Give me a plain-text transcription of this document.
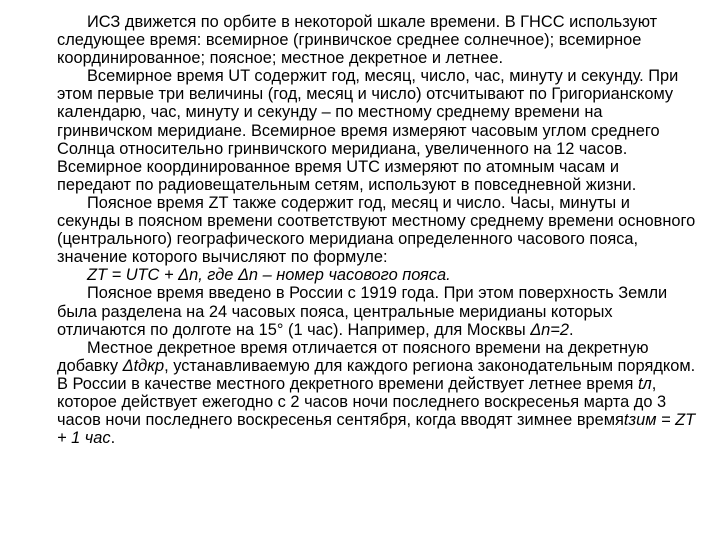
ИСЗ движется по орбите в некоторой шкале времени. В ГНСС используют следующее время: всемирное (гринвичское среднее солнечное); всемирное координированное; поясное; местное декретное и летнее.

Всемирное время UT содержит год, месяц, число, час, минуту и секунду. При этом первые три величины (год, месяц и число) отсчитывают по Григорианскому календарю, час, минуту и секунду – по местному среднему времени на гринвичском меридиане. Всемирное время измеряют часовым углом среднего Солнца относительно гринвичского меридиана, увеличенного на 12 часов. Всемирное координированное время UTC измеряют по атомным часам и передают по радиовещательным сетям, используют в повседневной жизни.

Поясное время ZT также содержит год, месяц и число. Часы, минуты и секунды в поясном времени соответствуют местному среднему времени основного (центрального) географического меридиана определенного часового пояса, значение которого вычисляют по формуле:

ZT = UTC + Δn, где Δn – номер часового пояса.

Поясное время введено в России с 1919 года. При этом поверхность Земли была разделена на 24 часовых пояса, центральные меридианы которых отличаются по долготе на 15° (1 час). Например, для Москвы Δn=2.

Местное декретное время отличается от поясного времени на декретную добавку Δtдкр, устанавливаемую для каждого региона законодательным порядком. В России в качестве местного декретного времени действует летнее время tл, которое действует ежегодно с 2 часов ночи последнего воскресенья марта до 3 часов ночи последнего воскресенья сентября, когда вводят зимнее времяtзим = ZT + 1 час.
